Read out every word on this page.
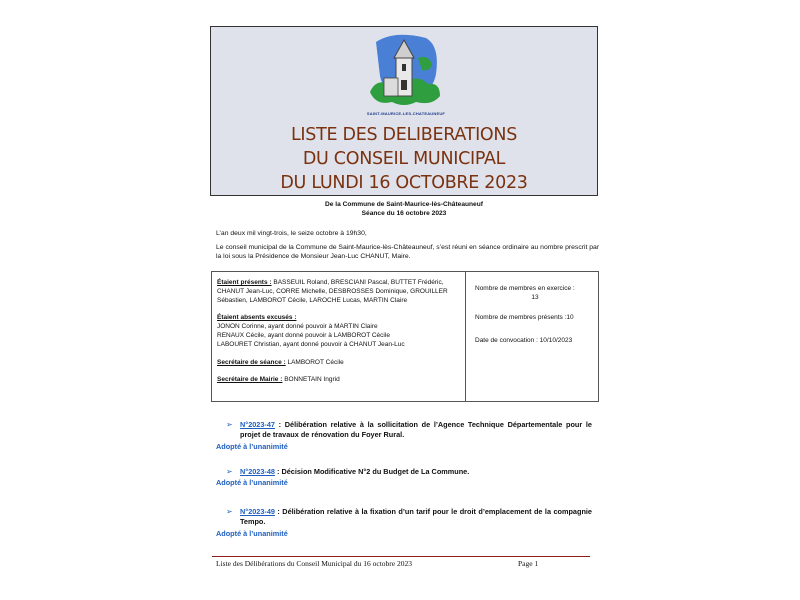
SAINT-MAURICE-LES-CHATEAUNEUF
LISTE DES DELIBERATIONS
DU CONSEIL MUNICIPAL
DU LUNDI 16 OCTOBRE 2023
De la Commune de Saint-Maurice-lès-Châteauneuf
Séance du 16 octobre 2023
L’an deux mil vingt-trois, le seize octobre à 19h30,
Le conseil municipal de la Commune de Saint-Maurice-lès-Châteauneuf, s’est réuni en séance ordinaire au nombre prescrit par la loi sous la Présidence de Monsieur Jean-Luc CHANUT, Maire.
Étaient présents : BASSEUIL Roland, BRESCIANI Pascal, BUTTET Frédéric, CHANUT Jean-Luc, CORRE Michelle, DESBROSSES Dominique, GROUILLER Sébastien, LAMBOROT Cécile, LAROCHE Lucas, MARTIN Claire
Étaient absents excusés :
JONON Corinne, ayant donné pouvoir à MARTIN Claire
RENAUX Cécile, ayant donné pouvoir à LAMBOROT Cécile
LABOURET Christian, ayant donné pouvoir à CHANUT Jean-Luc
Secrétaire de séance : LAMBOROT Cécile
Secrétaire de Mairie : BONNETAIN Ingrid
Nombre de membres en exercice :
13
Nombre de membres présents :10
Date de convocation : 10/10/2023
➢ N°2023-47 : Délibération relative à la sollicitation de l’Agence Technique Départementale pour le projet de travaux de rénovation du Foyer Rural.
Adopté à l’unanimité
➢ N°2023-48 : Décision Modificative N°2 du Budget de La Commune.
Adopté à l’unanimité
➢ N°2023-49 : Délibération relative à la fixation d’un tarif pour le droit d’emplacement de la compagnie Tempo.
Adopté à l’unanimité
Liste des Délibérations du Conseil Municipal du 16 octobre 2023	Page 1
